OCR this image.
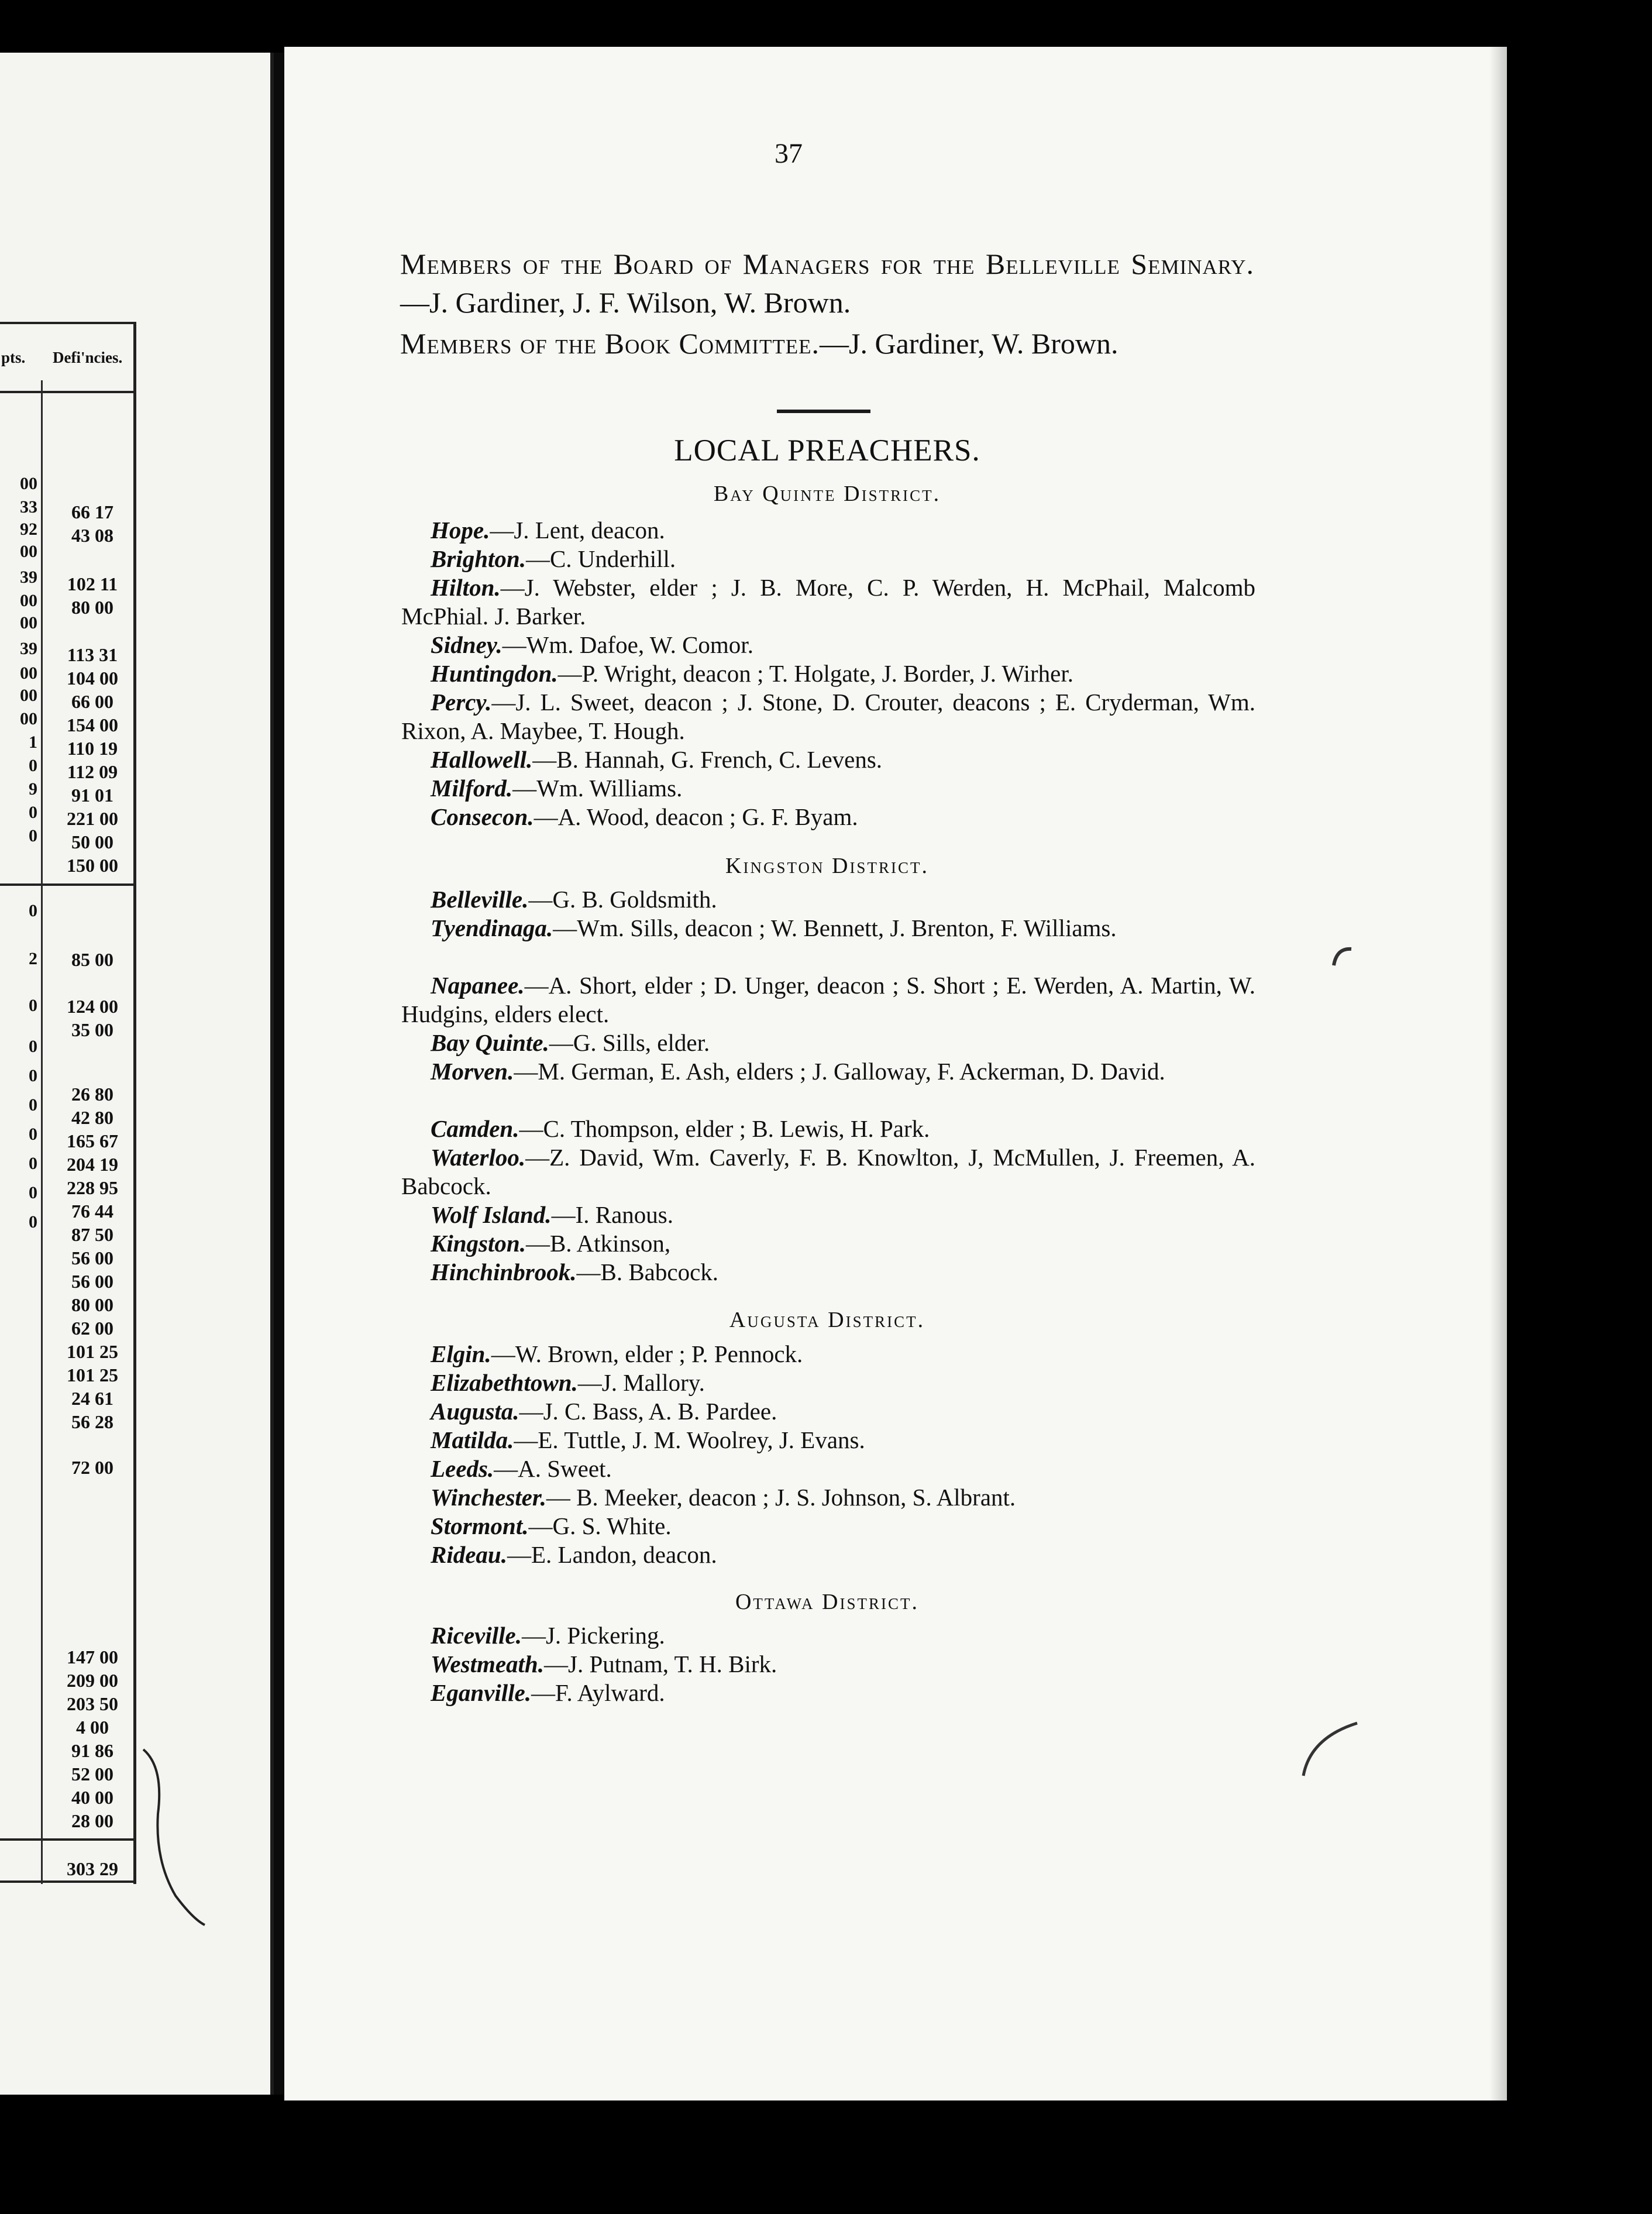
pts. Defi'ncies.
00
33
92
00
39
00
00
39
00
00
00
1
0
9
0
0
0
2
0
0
0
0
0
0
0
0
66 17
43 08
102 11
80 00
113 31
104 00
66 00
154 00
110 19
112 09
91 01
221 00
50 00
150 00
85 00
124 00
35 00
26 80
42 80
165 67
204 19
228 95
76 44
87 50
56 00
56 00
80 00
62 00
101 25
101 25
24 61
56 28
72 00
147 00
209 00
203 50
4 00
91 86
52 00
40 00
28 00
303 29
37
Members of the Board of Managers for the Belleville Seminary.—J. Gardiner, J. F. Wilson, W. Brown.
Members of the Book Committee.—J. Gardiner, W. Brown.
LOCAL PREACHERS.
Bay Quinte District.
Hope.—J. Lent, deacon.
Brighton.—C. Underhill.
Hilton.—J. Webster, elder ; J. B. More, C. P. Werden, H. McPhail, Malcomb McPhial. J. Barker.
Sidney.—Wm. Dafoe, W. Comor.
Huntingdon.—P. Wright, deacon ; T. Holgate, J. Border, J. Wirher.
Percy.—J. L. Sweet, deacon ; J. Stone, D. Crouter, deacons ; E. Cryderman, Wm. Rixon, A. Maybee, T. Hough.
Hallowell.—B. Hannah, G. French, C. Levens.
Milford.—Wm. Williams.
Consecon.—A. Wood, deacon ; G. F. Byam.
Kingston District.
Belleville.—G. B. Goldsmith.
Tyendinaga.—Wm. Sills, deacon ; W. Bennett, J. Brenton, F. Williams.
Napanee.—A. Short, elder ; D. Unger, deacon ; S. Short ; E. Werden, A. Martin, W. Hudgins, elders elect.
Bay Quinte.—G. Sills, elder.
Morven.—M. German, E. Ash, elders ; J. Galloway, F. Ackerman, D. David.
Camden.—C. Thompson, elder ; B. Lewis, H. Park.
Waterloo.—Z. David, Wm. Caverly, F. B. Knowlton, J, McMullen, J. Freemen, A. Babcock.
Wolf Island.—I. Ranous.
Kingston.—B. Atkinson,
Hinchinbrook.—B. Babcock.
Augusta District.
Elgin.—W. Brown, elder ; P. Pennock.
Elizabethtown.—J. Mallory.
Augusta.—J. C. Bass, A. B. Pardee.
Matilda.—E. Tuttle, J. M. Woolrey, J. Evans.
Leeds.—A. Sweet.
Winchester.— B. Meeker, deacon ; J. S. Johnson, S. Albrant.
Stormont.—G. S. White.
Rideau.—E. Landon, deacon.
Ottawa District.
Riceville.—J. Pickering.
Westmeath.—J. Putnam, T. H. Birk.
Eganville.—F. Aylward.
